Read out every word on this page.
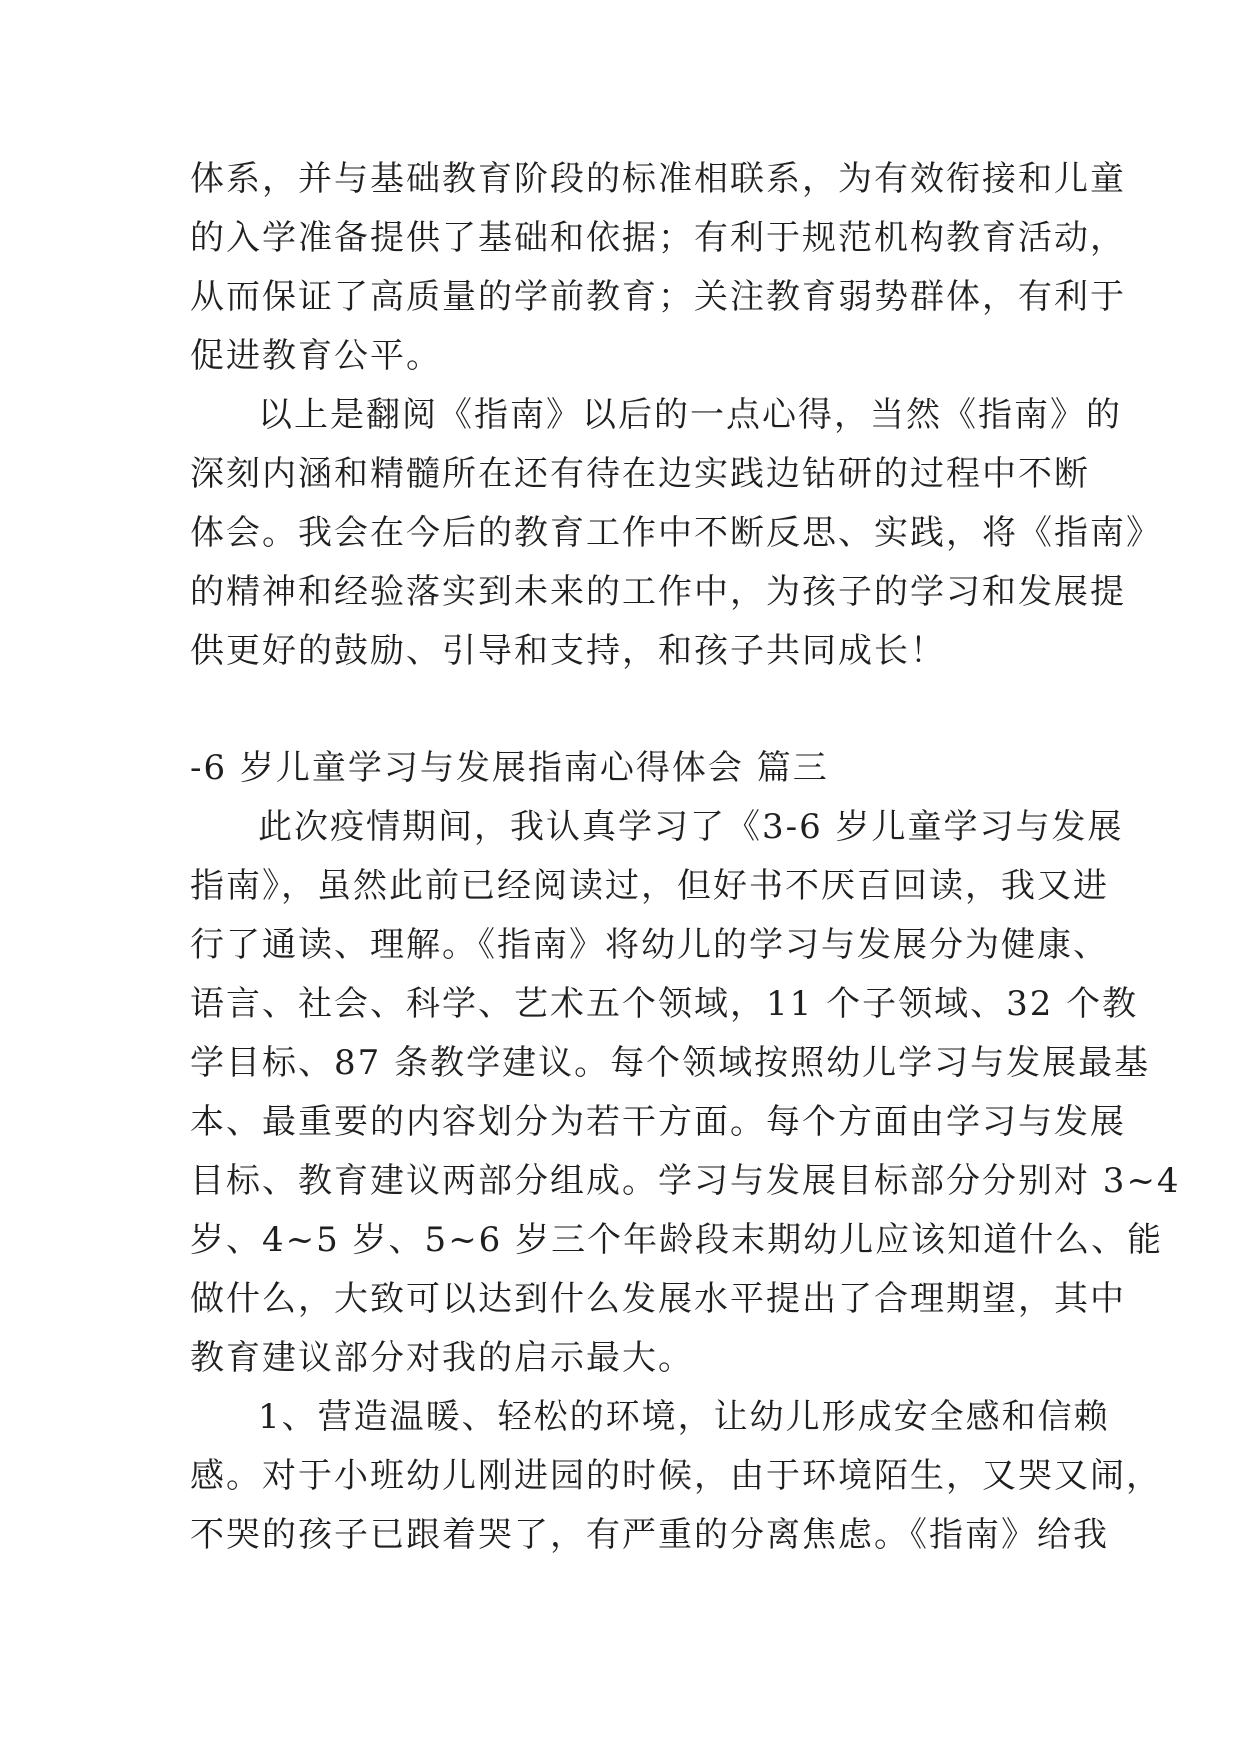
体系，并与基础教育阶段的标准相联系，为有效衔接和儿童
的入学准备提供了基础和依据；有利于规范机构教育活动，
从而保证了高质量的学前教育；关注教育弱势群体，有利于
促进教育公平。
以上是翻阅《指南》以后的一点心得，当然《指南》的
深刻内涵和精髓所在还有待在边实践边钻研的过程中不断
体会。我会在今后的教育工作中不断反思、实践，将《指南》
的精神和经验落实到未来的工作中，为孩子的学习和发展提
供更好的鼓励、引导和支持，和孩子共同成长！
-6 岁儿童学习与发展指南心得体会 篇三
此次疫情期间，我认真学习了《3-6 岁儿童学习与发展
指南》，虽然此前已经阅读过，但好书不厌百回读，我又进
行了通读、理解。《指南》将幼儿的学习与发展分为健康、
语言、社会、科学、艺术五个领域，11 个子领域、32 个教
学目标、87 条教学建议。每个领域按照幼儿学习与发展最基
本、最重要的内容划分为若干方面。每个方面由学习与发展
目标、教育建议两部分组成。学习与发展目标部分分别对 3~4
岁、4~5 岁、5~6 岁三个年龄段末期幼儿应该知道什么、能
做什么，大致可以达到什么发展水平提出了合理期望，其中
教育建议部分对我的启示最大。
1、营造温暖、轻松的环境，让幼儿形成安全感和信赖
感。对于小班幼儿刚进园的时候，由于环境陌生，又哭又闹，
不哭的孩子已跟着哭了，有严重的分离焦虑。《指南》给我
